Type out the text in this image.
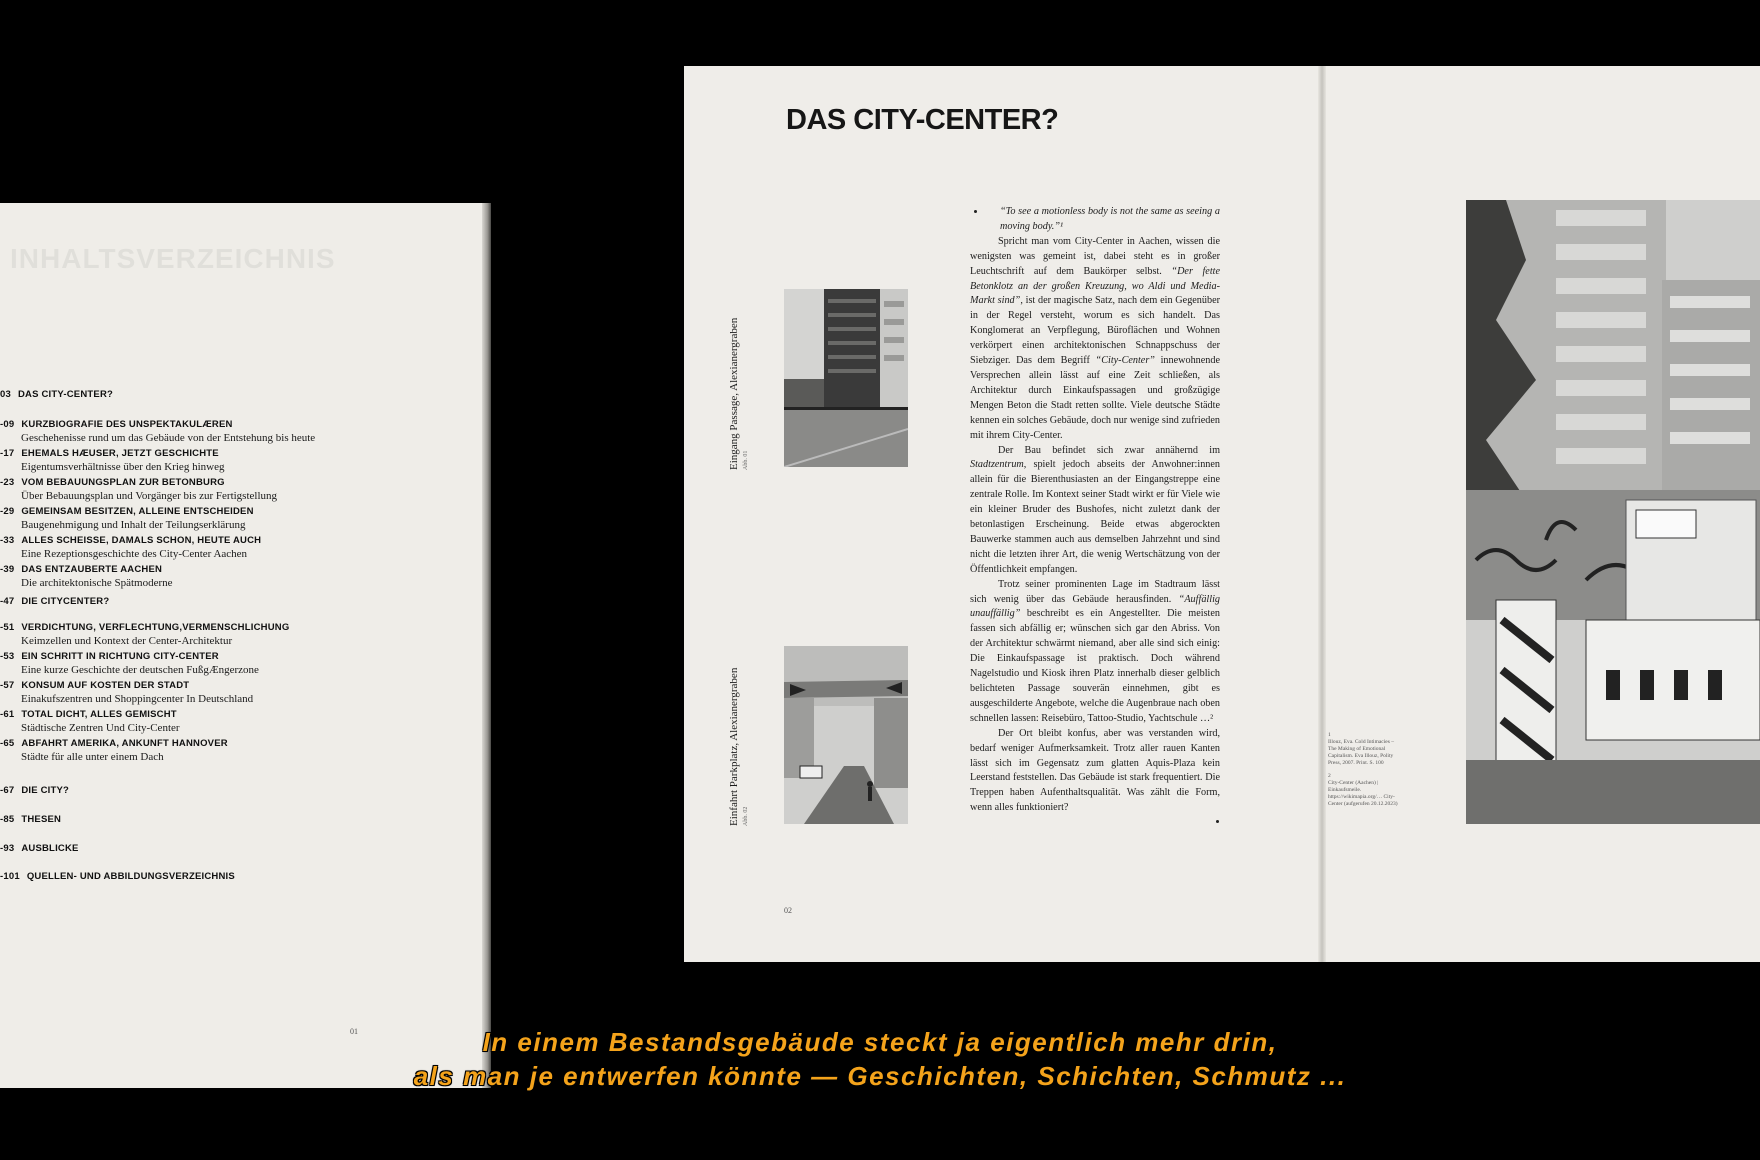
INHALTSVERZEICHNIS
03 DAS CITY-CENTER?
-09 KURZBIOGRAFIE DES UNSPEKTAKULÆREN
Geschehenisse rund um das Gebäude von der Entstehung bis heute
-17 EHEMALS HÆUSER, JETZT GESCHICHTE
Eigentumsverhältnisse über den Krieg hinweg
-23 VOM BEBAUUNGSPLAN ZUR BETONBURG
Über Bebauungsplan und Vorgänger bis zur Fertigstellung
-29 GEMEINSAM BESITZEN, ALLEINE ENTSCHEIDEN
Baugenehmigung und Inhalt der Teilungserklärung
-33 ALLES SCHEISSE, DAMALS SCHON, HEUTE AUCH
Eine Rezeptionsgeschichte des City-Center Aachen
-39 DAS ENTZAUBERTE AACHEN
Die architektonische Spätmoderne
-47 DIE CITYCENTER?
-51 VERDICHTUNG, VERFLECHTUNG,VERMENSCHLICHUNG
Keimzellen und Kontext der Center-Architektur
-53 EIN SCHRITT IN RICHTUNG CITY-CENTER
Eine kurze Geschichte der deutschen FußgÆngerzone
-57 KONSUM AUF KOSTEN DER STADT
Einakufszentren und Shoppingcenter In Deutschland
-61 TOTAL DICHT, ALLES GEMISCHT
Städtische Zentren Und City-Center
-65 ABFAHRT AMERIKA, ANKUNFT HANNOVER
Städte für alle unter einem Dach
-67 DIE CITY?
-85 THESEN
-93 AUSBLICKE
-101 QUELLEN- UND ABBILDUNGSVERZEICHNIS
01
DAS CITY-CENTER?
Eingang Passage, Alexianergraben Abb. 01
Einfahrt Parkplatz, Alexianergraben Abb. 02

“To see a motionless body is not the same as seeing a moving body.”¹

Spricht man vom City-Center in Aachen, wissen die wenigsten was gemeint ist, dabei steht es in großer Leuchtschrift auf dem Baukörper selbst. “Der fette Betonklotz an der großen Kreuzung, wo Aldi und Media-Markt sind”, ist der magische Satz, nach dem ein Gegenüber in der Regel versteht, worum es sich handelt. Das Konglomerat an Verpflegung, Büroflächen und Wohnen verkörpert einen architektonischen Schnappschuss der Siebziger. Das dem Begriff “City-Center” innewohnende Versprechen allein lässt auf eine Zeit schließen, als Architektur durch Einkaufspassagen und großzügige Mengen Beton die Stadt retten sollte. Viele deutsche Städte kennen ein solches Gebäude, doch nur wenige sind zufrieden mit ihrem City-Center.

Der Bau befindet sich zwar annähernd im Stadtzentrum, spielt jedoch abseits der Anwohner:innen allein für die Bierenthusiasten an der Eingangstreppe eine zentrale Rolle. Im Kontext seiner Stadt wirkt er für Viele wie ein kleiner Bruder des Bushofes, nicht zuletzt dank der betonlastigen Erscheinung. Beide etwas abgerockten Bauwerke stammen auch aus demselben Jahrzehnt und sind nicht die letzten ihrer Art, die wenig Wertschätzung von der Öffentlichkeit empfangen.

Trotz seiner prominenten Lage im Stadtraum lässt sich wenig über das Gebäude herausfinden. “Auffällig unauffällig” beschreibt es ein Angestellter. Die meisten fassen sich abfällig er; wünschen sich gar den Abriss. Von der Architektur schwärmt niemand, aber alle sind sich einig: Die Einkaufspassage ist praktisch. Doch während Nagelstudio und Kiosk ihren Platz innerhalb dieser gelblich belichteten Passage souverän einnehmen, gibt es ausgeschilderte Angebote, welche die Augenbraue nach oben schnellen lassen: Reisebüro, Tattoo-Studio, Yachtschule …²

Der Ort bleibt konfus, aber was verstanden wird, bedarf weniger Aufmerksamkeit. Trotz aller rauen Kanten lässt sich im Gegensatz zum glatten Aquis-Plaza kein Leerstand feststellen. Das Gebäude ist stark frequentiert. Die Treppen haben Aufenthaltsqualität. Was zählt die Form, wenn alles funktioniert?

02
1
Illouz, Eva. Cold Intimacies – The Making of Emotional Capitalism. Eva Illouz, Polity Press, 2007. Print. S. 100
2
City-Center (Aachen) | Einkaufsmeile. https://wikimapia.org/… City-Center (aufgerufen 20.12.2023)
In einem Bestandsgebäude steckt ja eigentlich mehr drin,
als man je entwerfen könnte — Geschichten, Schichten, Schmutz ...
